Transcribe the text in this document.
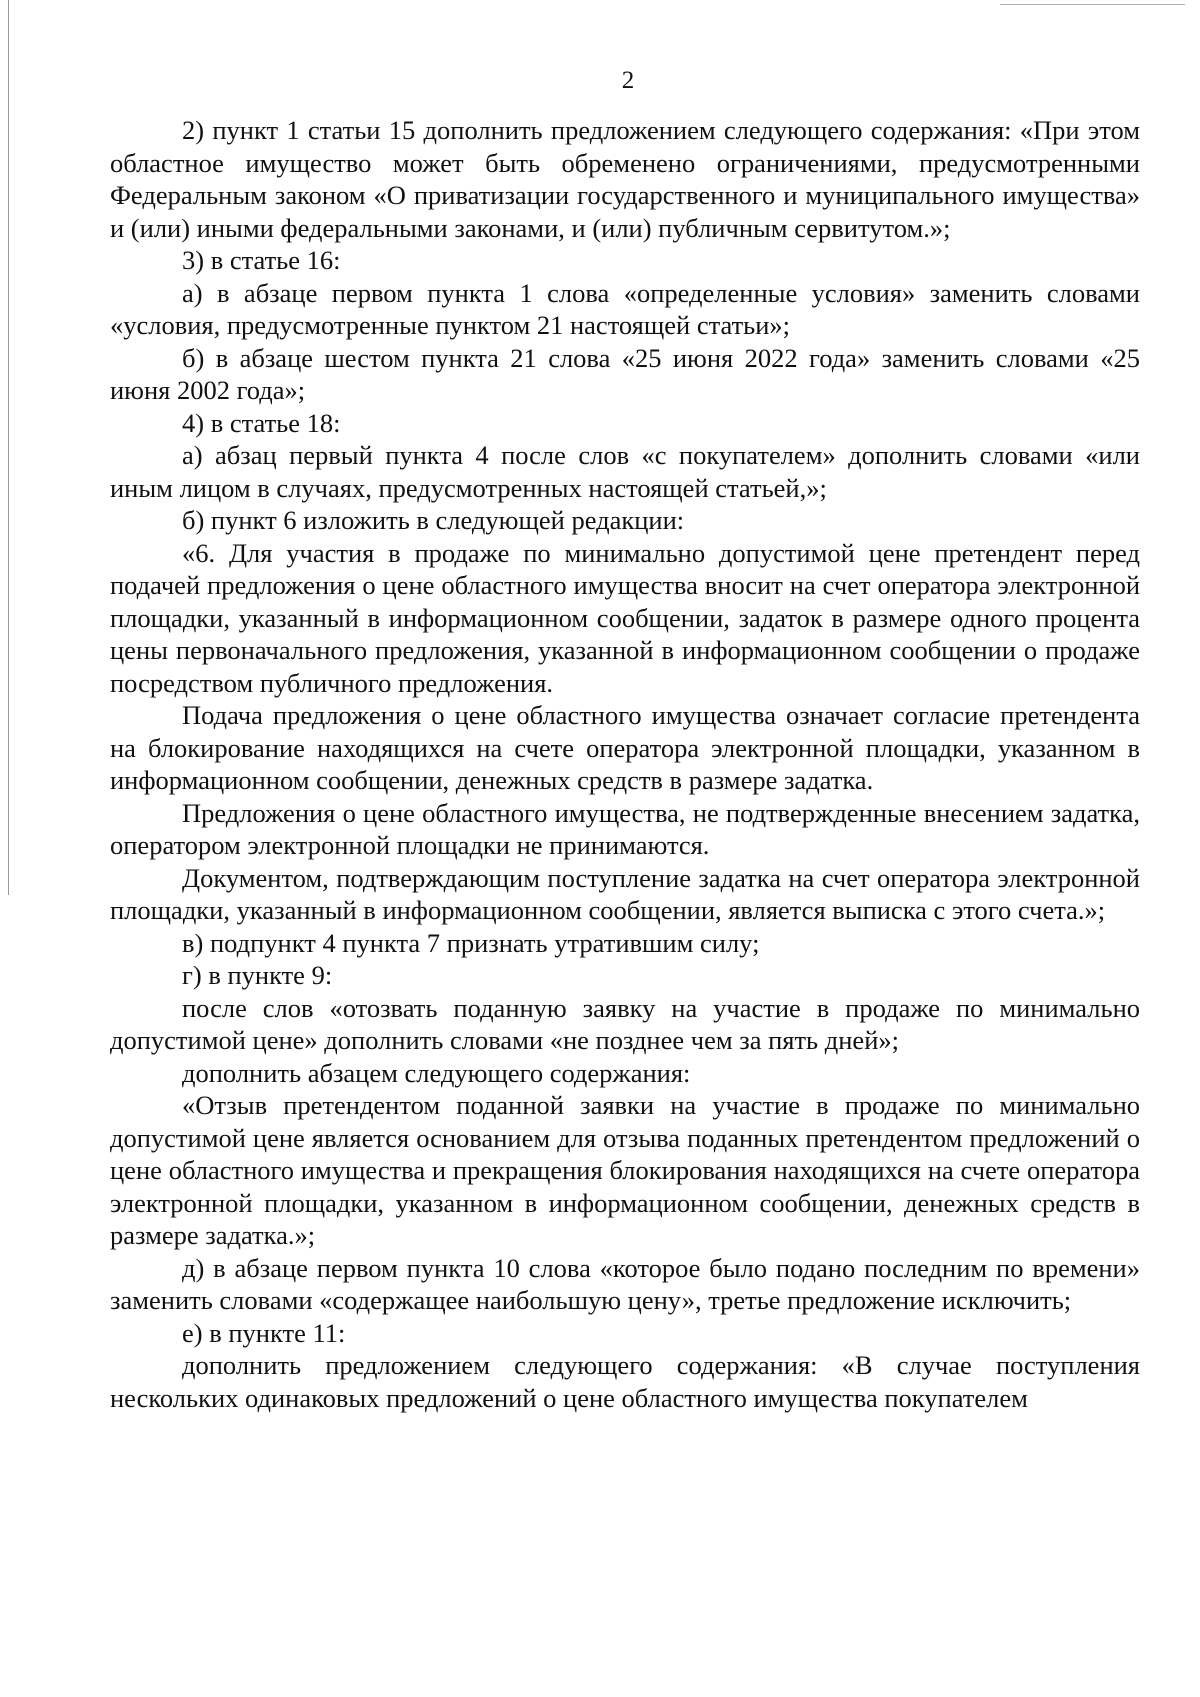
2

2) пункт 1 статьи 15 дополнить предложением следующего содержания: «При этом областное имущество может быть обременено ограничениями, предусмотренными Федеральным законом «О приватизации государственного и муниципального имущества» и (или) иными федеральными законами, и (или) публичным сервитутом.»;

3) в статье 16:

а) в абзаце первом пункта 1 слова «определенные условия» заменить словами «условия, предусмотренные пунктом 21 настоящей статьи»;

б) в абзаце шестом пункта 21 слова «25 июня 2022 года» заменить словами «25 июня 2002 года»;

4) в статье 18:

а) абзац первый пункта 4 после слов «с покупателем» дополнить словами «или иным лицом в случаях, предусмотренных настоящей статьей,»;

б) пункт 6 изложить в следующей редакции:

«6. Для участия в продаже по минимально допустимой цене претендент перед подачей предложения о цене областного имущества вносит на счет оператора электронной площадки, указанный в информационном сообщении, задаток в размере одного процента цены первоначального предложения, указанной в информационном сообщении о продаже посредством публичного предложения.

Подача предложения о цене областного имущества означает согласие претендента на блокирование находящихся на счете оператора электронной площадки, указанном в информационном сообщении, денежных средств в размере задатка.

Предложения о цене областного имущества, не подтвержденные внесением задатка, оператором электронной площадки не принимаются.

Документом, подтверждающим поступление задатка на счет оператора электронной площадки, указанный в информационном сообщении, является выписка с этого счета.»;

в) подпункт 4 пункта 7 признать утратившим силу;

г) в пункте 9:

после слов «отозвать поданную заявку на участие в продаже по минимально допустимой цене» дополнить словами «не позднее чем за пять дней»;

дополнить абзацем следующего содержания:

«Отзыв претендентом поданной заявки на участие в продаже по минимально допустимой цене является основанием для отзыва поданных претендентом предложений о цене областного имущества и прекращения блокирования находящихся на счете оператора электронной площадки, указанном в информационном сообщении, денежных средств в размере задатка.»;

д) в абзаце первом пункта 10 слова «которое было подано последним по времени» заменить словами «содержащее наибольшую цену», третье предложение исключить;

е) в пункте 11:

дополнить предложением следующего содержания: «В случае поступления нескольких одинаковых предложений о цене областного имущества покупателем
